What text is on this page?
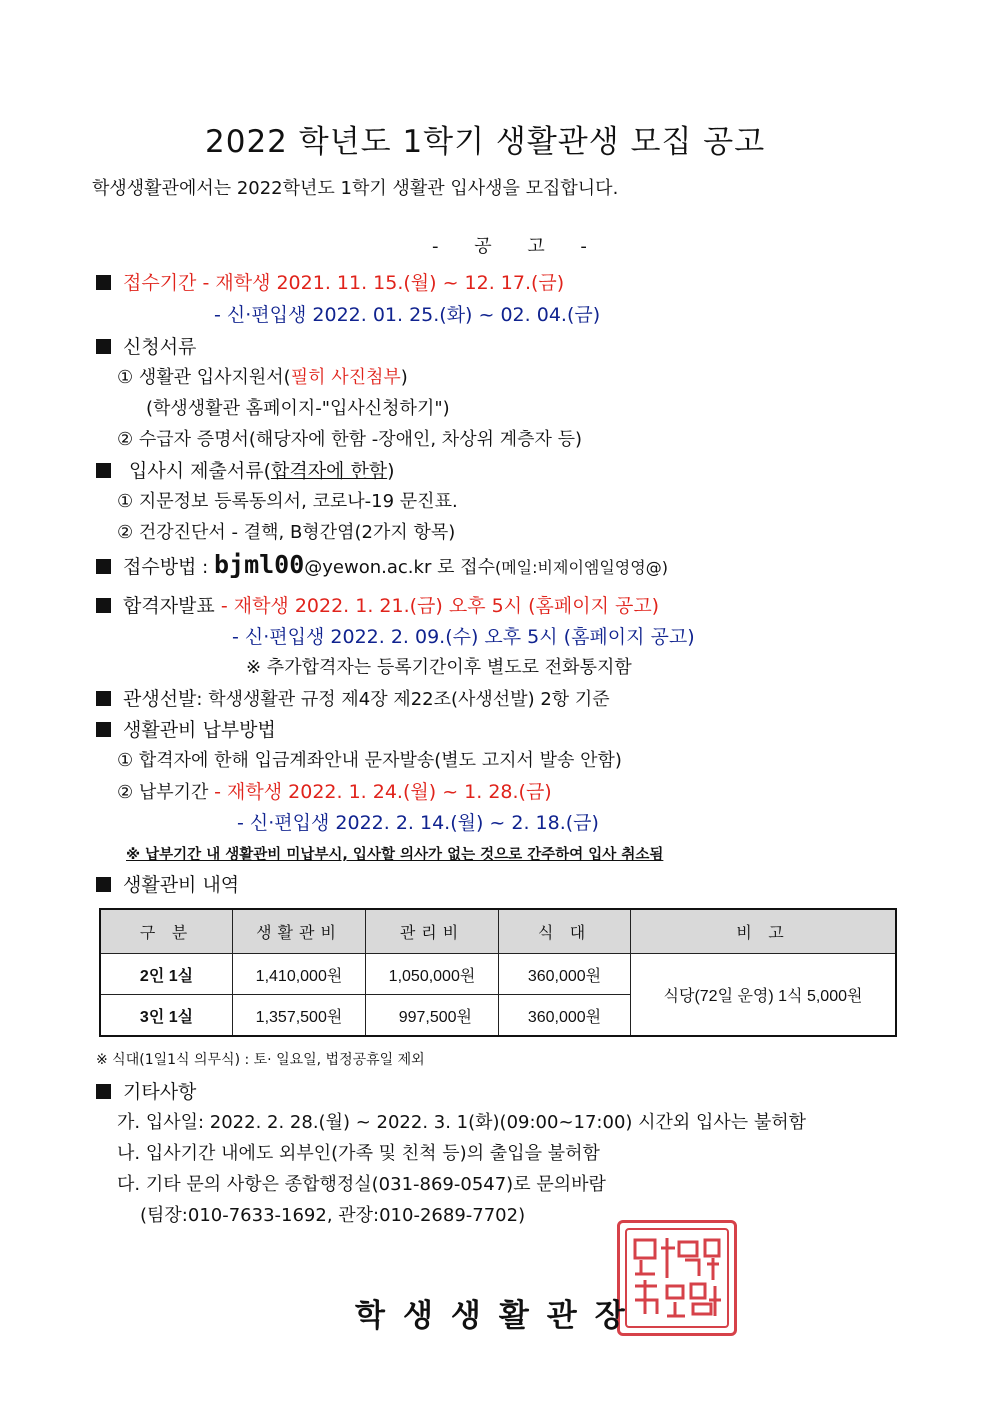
2022 학년도 1학기 생활관생 모집 공고
학생생활관에서는 2022학년도 1학기 생활관 입사생을 모집합니다.
- 공 고 -
접수기간 - 재학생 2021. 11. 15.(월) ~ 12. 17.(금)
- 신·편입생 2022. 01. 25.(화) ~ 02. 04.(금)
신청서류
① 생활관 입사지원서(필히 사진첨부)
(학생생활관 홈페이지-"입사신청하기")
② 수급자 증명서(해당자에 한함 -장애인, 차상위 계층자 등)
입사시 제출서류(합격자에 한함)
① 지문정보 등록동의서, 코로나-19 문진표.
② 건강진단서 - 결핵, B형간염(2가지 항목)
접수방법 : bjml00@yewon.ac.kr 로 접수(메일:비제이엠일영영@)
합격자발표 - 재학생 2022. 1. 21.(금) 오후 5시 (홈페이지 공고)
- 신·편입생 2022. 2. 09.(수) 오후 5시 (홈페이지 공고)
※ 추가합격자는 등록기간이후 별도로 전화통지함
관생선발: 학생생활관 규정 제4장 제22조(사생선발) 2항 기준
생활관비 납부방법
① 합격자에 한해 입금계좌안내 문자발송(별도 고지서 발송 안함)
② 납부기간 - 재학생 2022. 1. 24.(월) ~ 1. 28.(금)
- 신·편입생 2022. 2. 14.(월) ~ 2. 18.(금)
※ 납부기간 내 생활관비 미납부시, 입사할 의사가 없는 것으로 간주하여 입사 취소됨
생활관비 내역
구 분	생활관비	관리비	식 대	비 고
2인 1실	1,410,000원	1,050,000원	360,000원	식당(72일 운영) 1식 5,000원
3인 1실	1,357,500원	997,500원	360,000원	
※ 식대(1일1식 의무식) : 토· 일요일, 법정공휴일 제외
기타사항
가. 입사일: 2022. 2. 28.(월) ~ 2022. 3. 1(화)(09:00~17:00) 시간외 입사는 불허함
나. 입사기간 내에도 외부인(가족 및 친척 등)의 출입을 불허함
다. 기타 문의 사항은 종합행정실(031-869-0547)로 문의바람
(팀장:010-7633-1692, 관장:010-2689-7702)
학생생활관장
